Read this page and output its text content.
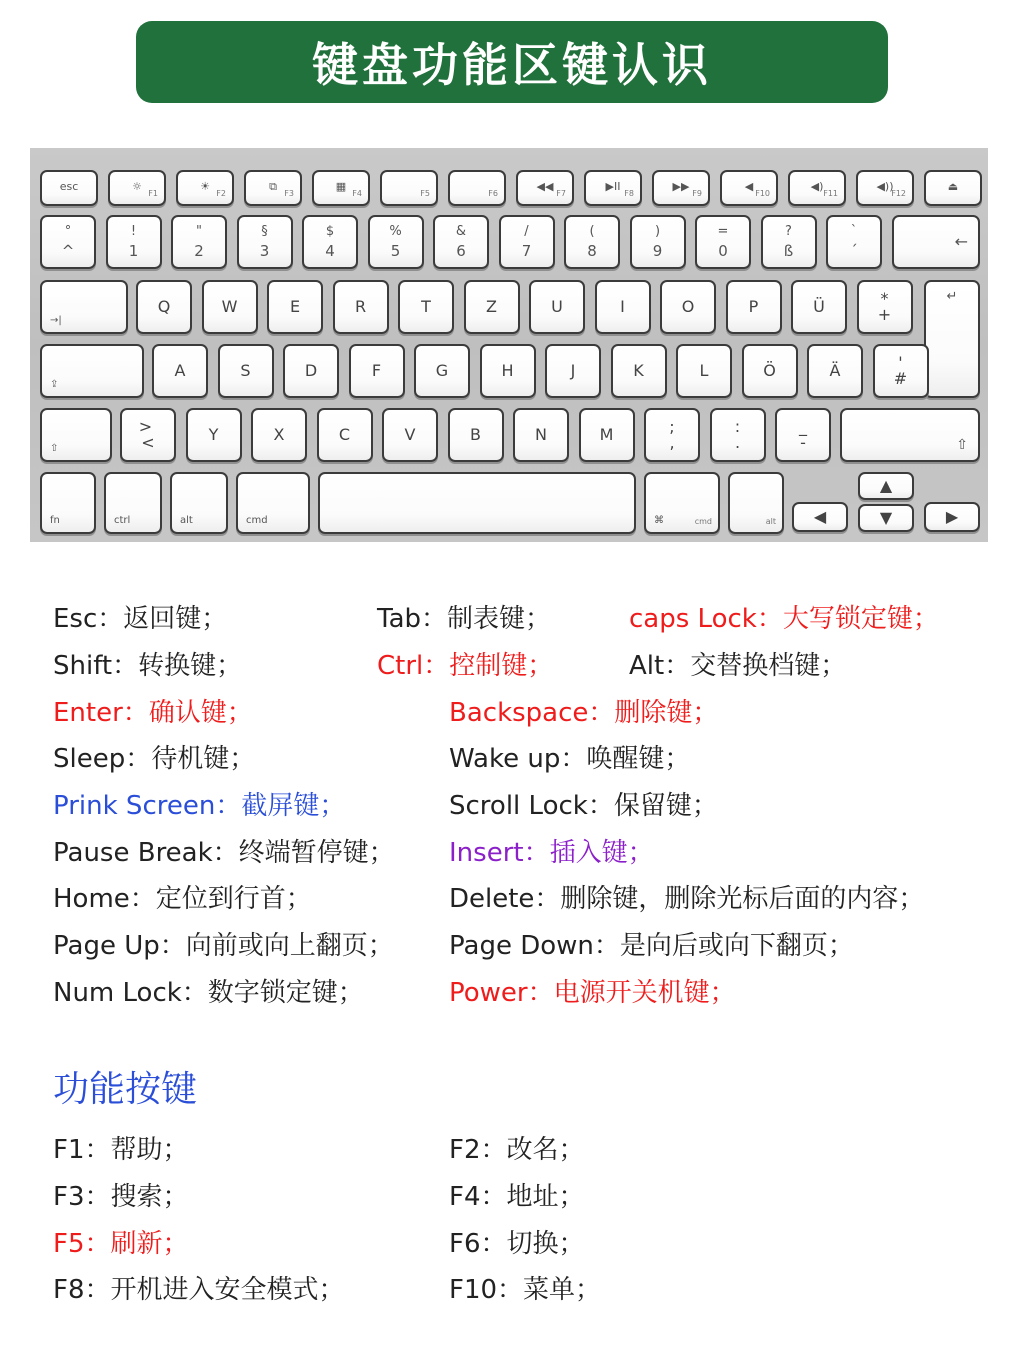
键盘功能区键认识
esc	☼
F1
☀
F2
⧉
F3
▦
F4	F5	F6
◀◀
F7
▶II
F8
▶▶
F9
◀
F10
◀)
F11
◀))
F12
⏏
°
^
!
1
"
2
§
3
$
4
%
5
&
6
/
7
(
8
)
9
=
0
?
ß
`
´	←
→|
Q	W	E	R	T	Z	U	I	O	P	Ü	*
+
↵
⇪
A	S	D	F	G	H	J	K	L	Ö	Ä	'
#
⇧
>
<	Y	X	C	V	B	N	M	;
,
:
.
_
-	⇧
fn	ctrl	alt	cmd	⌘	cmd	alt	◀
▲
▼	▶
Esc：返回键；	Tab：制表键；	caps Lock：大写锁定键；
Shift：转换键；	Ctrl：控制键；	Alt：交替换档键；
Enter：确认键；	Backspace：删除键；
Sleep：待机键；	Wake up：唤醒键；
Prink Screen：截屏键；	Scroll Lock：保留键；
Pause Break：终端暂停键； Insert：插入键；
Home：定位到行首；	Delete：删除键，删除光标后面的内容；
Page Up：向前或向上翻页； Page Down：是向后或向下翻页；
Num Lock：数字锁定键；	Power：电源开关机键；
功能按键
F1：帮助；	F2：改名；
F3：搜索；	F4：地址；
F5：刷新；	F6：切换；
F8：开机进入安全模式；	F10：菜单；
